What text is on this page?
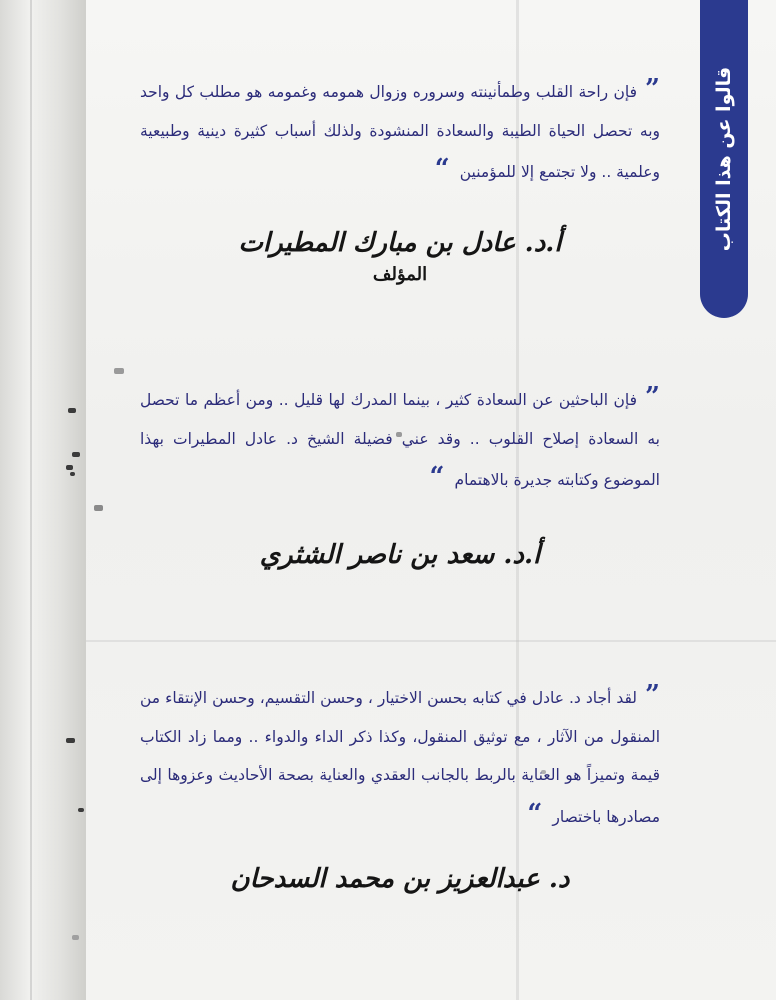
قالوا عن هذا الكتاب
”فإن راحة القلب وطمأنينته وسروره وزوال همومه وغمومه هو مطلب كل واحد وبه تحصل الحياة الطيبة والسعادة المنشودة ولذلك أسباب كثيرة دينية وطبيعية وعلمية .. ولا تجتمع إلا للمؤمنين“
أ.د. عادل بن مبارك المطيرات
المؤلف
”فإن الباحثين عن السعادة كثير ، بينما المدرك لها قليل .. ومن أعظم ما تحصل به السعادة إصلاح القلوب .. وقد عني فضيلة الشيخ د. عادل المطيرات بهذا الموضوع وكتابته جديرة بالاهتمام“
أ.د. سعد بن ناصر الشثري
”لقد أجاد د. عادل في كتابه بحسن الاختيار ، وحسن التقسيم، وحسن الإنتقاء من المنقول من الآثار ، مع توثيق المنقول، وكذا ذكر الداء والدواء .. ومما زاد الكتاب قيمة وتميزاً هو العناية بالربط بالجانب العقدي والعناية بصحة الأحاديث وعزوها إلى مصادرها باختصار“
د. عبدالعزيز بن محمد السدحان
